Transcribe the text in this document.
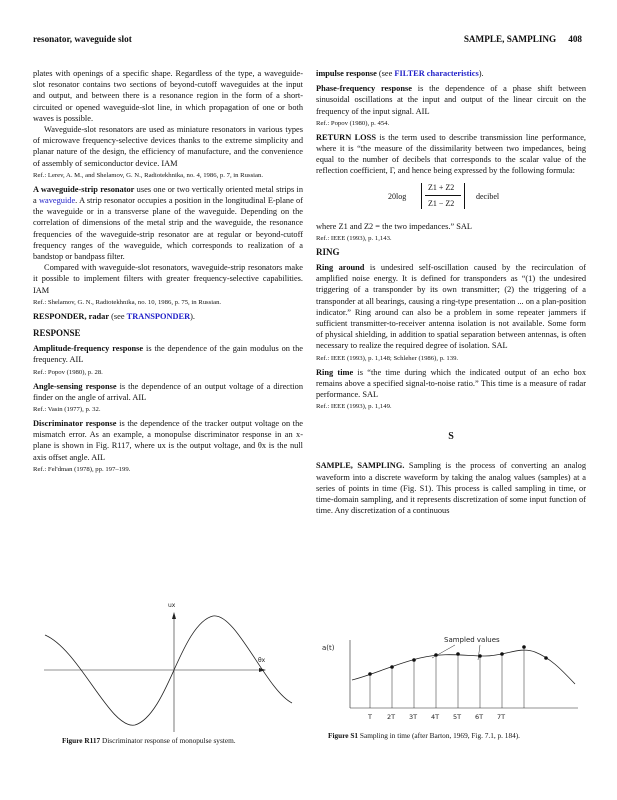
resonator, waveguide slot	SAMPLE, SAMPLING 408

plates with openings of a specific shape. Regardless of the type, a waveguide-slot resonator contains two sections of beyond-cutoff waveguides at the input and output, and between there is a resonance region in the form of a short-circuited or opened waveguide-slot line, in which propagation of one or both waves is possible.

Waveguide-slot resonators are used as miniature resonators in various types of microwave frequency-selective devices thanks to the extreme simplicity and planar nature of the design, the efficiency of manufacture, and the convenience of assembly of semiconductor device. IAM

Ref.: Lerev, A. M., and Shelamov, G. N., Radiotekhnika, no. 4, 1986, p. 7, in Russian.

A waveguide-strip resonator uses one or two vertically oriented metal strips in a waveguide. A strip resonator occupies a position in the longitudinal E-plane of the waveguide or in a transverse plane of the waveguide. Depending on the correlation of dimensions of the metal strip and the waveguide, the resonance frequencies of the waveguide-strip resonator are at regular or beyond-cutoff frequency ranges of the waveguide, which corresponds to realization of a bandstop or bandpass filter.

Compared with waveguide-slot resonators, waveguide-strip resonators make it possible to implement filters with greater frequency-selective capabilities. IAM

Ref.: Shelamov, G. N., Radiotekhnika, no. 10, 1986, p. 75, in Russian.

RESPONDER, radar (see TRANSPONDER).

RESPONSE

Amplitude-frequency response is the dependence of the gain modulus on the frequency. AIL

Ref.: Popov (1980), p. 28.

Angle-sensing response is the dependence of an output voltage of a direction finder on the angle of arrival. AIL

Ref.: Vasin (1977), p. 32.

Discriminator response is the dependence of the tracker output voltage on the mismatch error. As an example, a monopulse discriminator response in an x-plane is shown in Fig. R117, where ux is the output voltage, and θx is the null axis offset angle. AIL

Ref.: Fel'dman (1978), pp. 197–199.

impulse response (see FILTER characteristics).

Phase-frequency response is the dependence of a phase shift between sinusoidal oscillations at the input and output of the linear circuit on the frequency of the input signal. AIL

Ref.: Popov (1980), p. 454.

RETURN LOSS is the term used to describe transmission line performance, where it is “the measure of the dissimilarity between two impedances, being equal to the number of decibels that corresponds to the scalar value of the reflection coefficient, Γ, and hence being expressed by the following formula:

20log
Z1 + Z2
Z1 − Z2
decibel

where Z1 and Z2 = the two impedances.” SAL

Ref.: IEEE (1993), p. 1,143.

RING

Ring around is undesired self-oscillation caused by the recirculation of amplified noise energy. It is defined for transponders as “(1) the undesired triggering of a transponder by its own transmitter; (2) the triggering of a transponder at all bearings, causing a ring-type presentation ... on a plan-position indicator.” Ring around can also be a problem in some repeater jammers if sufficient transmitter-to-receiver antenna isolation is not available. Some form of physical shielding, in addition to spatial separation between antennas, is often necessary to realize the required degree of isolation. SAL

Ref.: IEEE (1993), p. 1,148; Schleher (1986), p. 139.

Ring time is “the time during which the indicated output of an echo box remains above a specified signal-to-noise ratio.” This time is a measure of radar performance. SAL

Ref.: IEEE (1993), p. 1,149.

S

SAMPLE, SAMPLING. Sampling is the process of converting an analog waveform into a discrete waveform by taking the analog values (samples) at a series of points in time (Fig. S1). This process is called sampling in time, or time-domain sampling, and it represents discretization of some input function of time. Any discretization of a continuous

ux
θx
Figure R117 Discriminator response of monopulse system.
a(t)
Sampled values
T 2T 3T 4T 5T 6T 7T
Figure S1 Sampling in time (after Barton, 1969, Fig. 7.1, p. 184).
